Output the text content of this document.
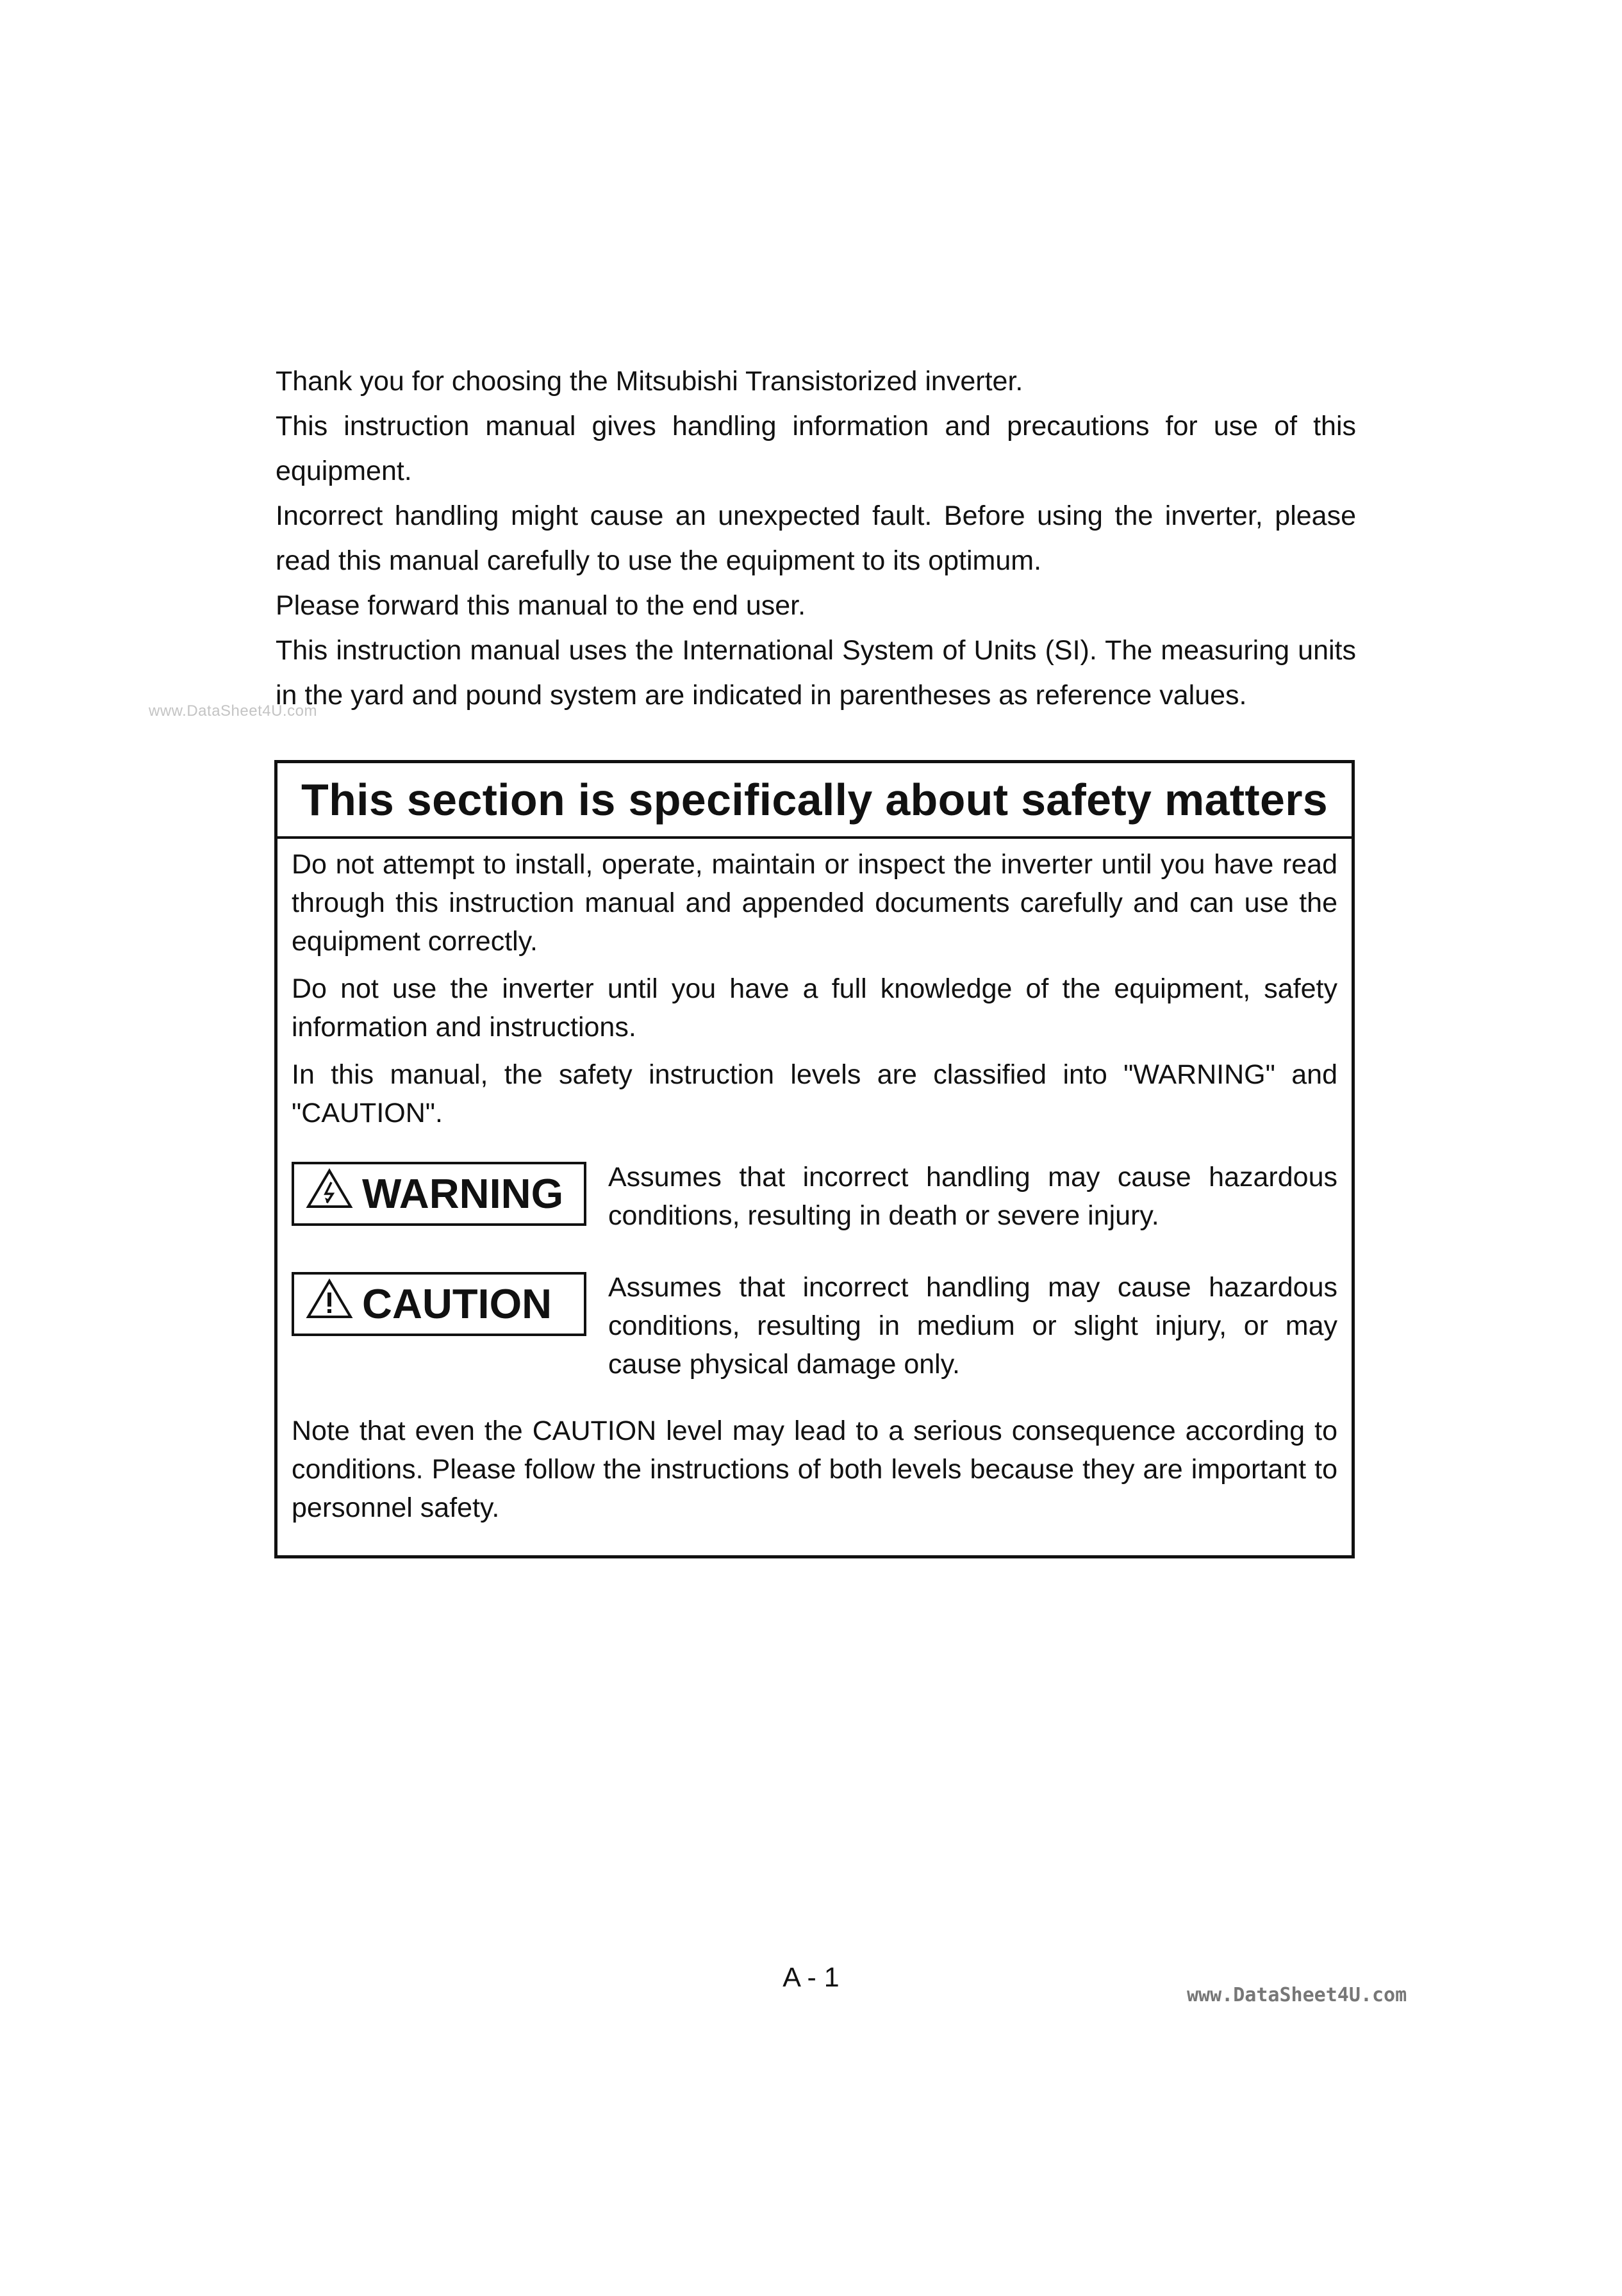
Thank you for choosing the Mitsubishi Transistorized inverter.

This instruction manual gives handling information and precautions for use of this equipment.

Incorrect handling might cause an unexpected fault. Before using the inverter, please read this manual carefully to use the equipment to its optimum.

Please forward this manual to the end user.

This instruction manual uses the International System of Units (SI). The measuring units in the yard and pound system are indicated in parentheses as reference values.

www.DataSheet4U.com
This section is specifically about safety matters

Do not attempt to install, operate, maintain or inspect the inverter until you have read through this instruction manual and appended documents carefully and can use the equipment correctly.

Do not use the inverter until you have a full knowledge of the equipment, safety information and instructions.

In this manual, the safety instruction levels are classified into "WARNING" and "CAUTION".

WARNING Assumes that incorrect handling may cause hazardous conditions, resulting in death or severe injury.
CAUTION Assumes that incorrect handling may cause hazardous conditions, resulting in medium or slight injury, or may cause physical damage only.

Note that even the CAUTION level may lead to a serious consequence according to conditions. Please follow the instructions of both levels because they are important to personnel safety.

A - 1
www.DataSheet4U.com
